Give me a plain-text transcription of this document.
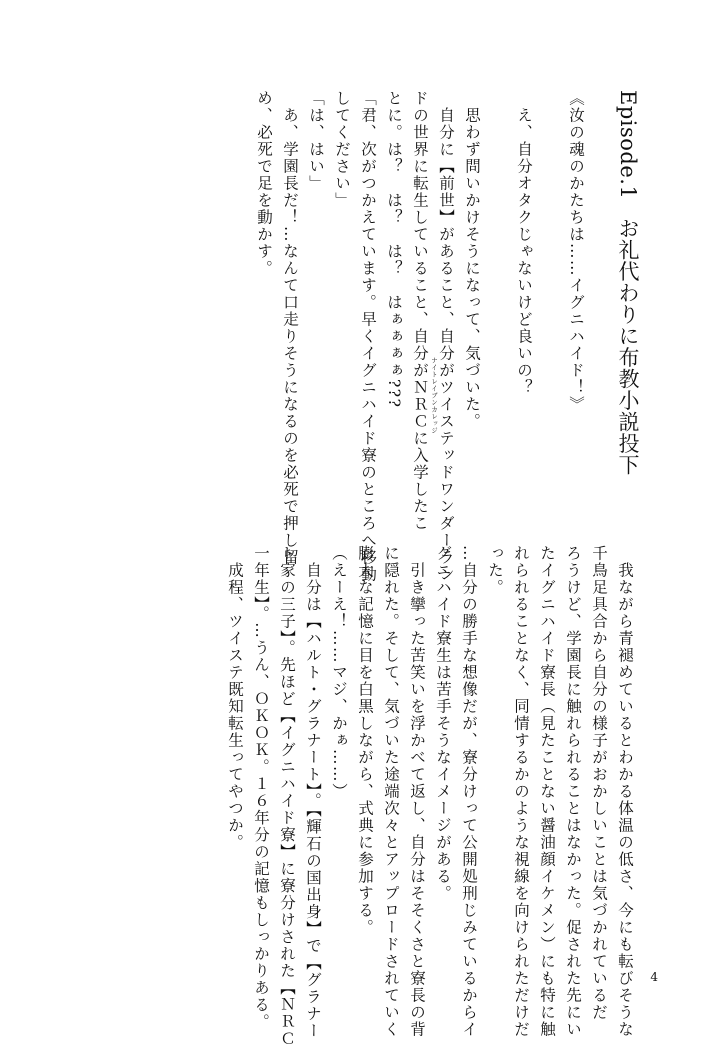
Episode.1お礼代わりに布教小説投下

《汝の魂のかたちは……イグニハイド！》

　え、自分オタクじゃないけど良いの？

　思わず問いかけそうになって、気づいた。

　自分に【前世】があること、自分がツイステッドワンダーラン

ドの世界に転生していること、自分がＮＲＣ ナイトレイブンカレッジ
に入学したこ

とに。は？　は？　は？　はぁぁぁぁ???

「君、次がつかえています。早くイグニハイド寮のところへ移動

してください」

「は、はい」

　あ、学園長だ！…なんて口走りそうになるのを必死で押し留

め、必死で足を動かす。

　我ながら青褪めているとわかる体温の低さ、今にも転びそうな

千鳥足具合から自分の様子がおかしいことは気づかれているだ

ろうけど、学園長に触れられることはなかった。促された先にい

たイグニハイド寮長（見たことない醤油顔イケメン）にも特に触

れられることなく、同情するかのような視線を向けられただけだ

った。

…自分の勝手な想像だが、寮分けって公開処刑じみているからイ

グニハイド寮生は苦手そうなイメージがある。

　引き攣った苦笑いを浮かべて返し、自分はそそくさと寮長の背

に隠れた。そして、気づいた途端次々とアップロードされていく

膨大な記憶に目を白黒しながら、式典に参加する。

（えーえ！……マジ、かぁ……）

　自分は【ハルト・グラナート】。【輝石の国出身】で【グラナー

ト家の三子】。先ほど【イグニハイド寮】に寮分けされた【ＮＲＣ

一年生】。…うん、ＯＫＯＫ。１６年分の記憶もしっかりある。

　成程、ツイステ既知転生ってやつか。

4
